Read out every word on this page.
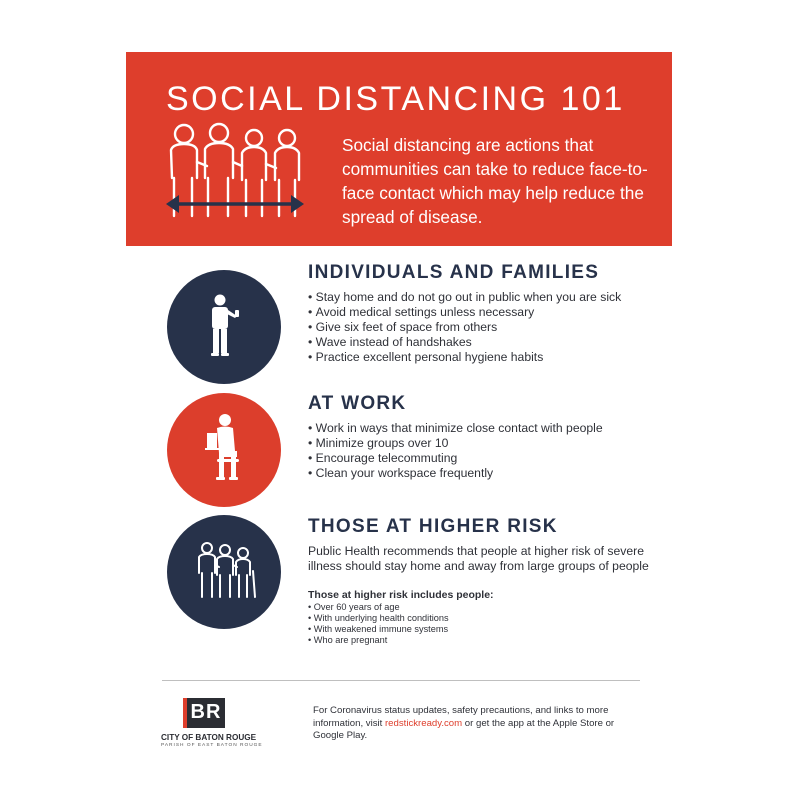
SOCIAL DISTANCING 101
Social distancing are actions that communities can take to reduce face-to-face contact which may help reduce the spread of disease.
INDIVIDUALS AND FAMILIES
• Stay home and do not go out in public when you are sick
• Avoid medical settings unless necessary
• Give six feet of space from others
• Wave instead of handshakes
• Practice excellent personal hygiene habits
AT WORK
• Work in ways that minimize close contact with people
• Minimize groups over 10
• Encourage telecommuting
• Clean your workspace frequently
THOSE AT HIGHER RISK

Public Health recommends that people at higher risk of severe illness should stay home and away from large groups of people

Those at higher risk includes people:
• Over 60 years of age
• With underlying health conditions
• With weakened immune systems
• Who are pregnant
BR
CITY OF BATON ROUGE
PARISH OF EAST BATON ROUGE
For Coronavirus status updates, safety precautions, and links to more information, visit redstickready.com or get the app at the Apple Store or Google Play.
